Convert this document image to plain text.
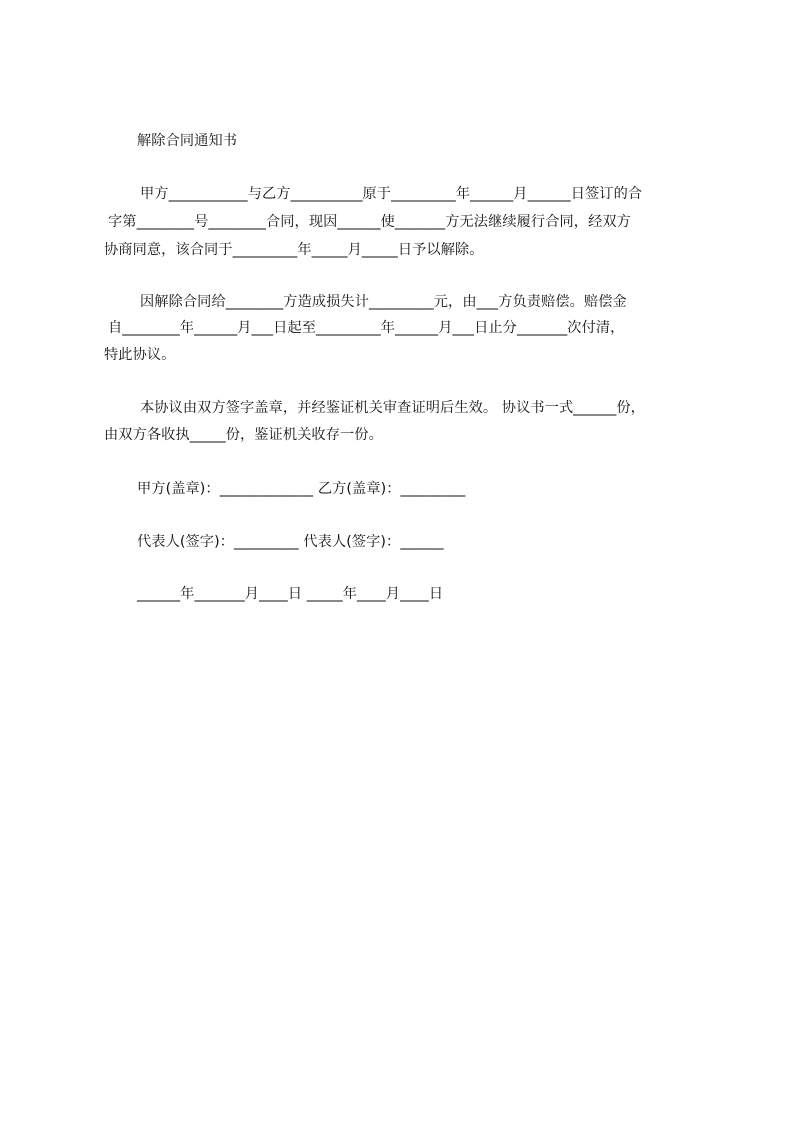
解除合同通知书
甲方___________与乙方__________原于_________年______月______日签订的合
字第________号________合同，现因______使_______方无法继续履行合同，经双方
协商同意，该合同于_________年_____月_____日予以解除。
因解除合同给________方造成损失计_________元，由___方负责赔偿。赔偿金
自________年______月___日起至_________年______月___日止分_______次付清，
特此协议。
本协议由双方签字盖章，并经鉴证机关审查证明后生效。 协议书一式______份，
由双方各收执_____份，鉴证机关收存一份。
甲方(盖章)：_____________ 乙方(盖章)：_________
代表人(签字)：_________ 代表人(签字)：______
______年_______月____日 _____年____月____日
